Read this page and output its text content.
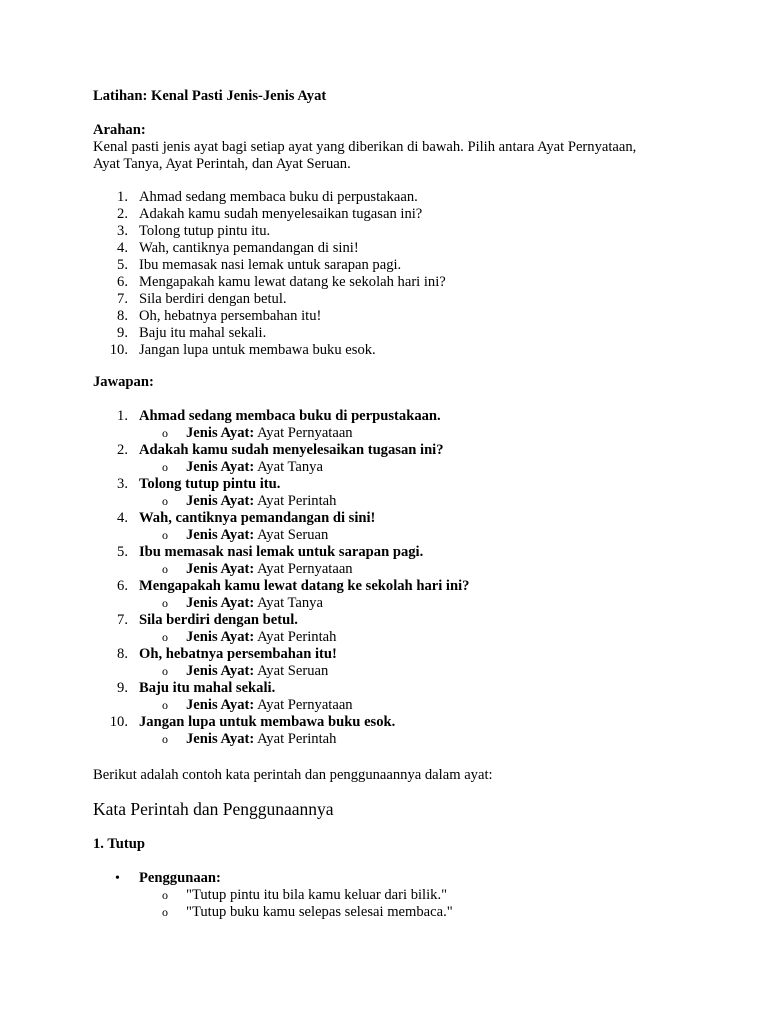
Latihan: Kenal Pasti Jenis-Jenis Ayat
Arahan:
Kenal pasti jenis ayat bagi setiap ayat yang diberikan di bawah. Pilih antara Ayat Pernyataan,
Ayat Tanya, Ayat Perintah, dan Ayat Seruan.
1. Ahmad sedang membaca buku di perpustakaan.
2. Adakah kamu sudah menyelesaikan tugasan ini?
3. Tolong tutup pintu itu.
4. Wah, cantiknya pemandangan di sini!
5. Ibu memasak nasi lemak untuk sarapan pagi.
6. Mengapakah kamu lewat datang ke sekolah hari ini?
7. Sila berdiri dengan betul.
8. Oh, hebatnya persembahan itu!
9. Baju itu mahal sekali.
10. Jangan lupa untuk membawa buku esok.
Jawapan:
1. Ahmad sedang membaca buku di perpustakaan.
o Jenis Ayat: Ayat Pernyataan
2. Adakah kamu sudah menyelesaikan tugasan ini?
o Jenis Ayat: Ayat Tanya
3. Tolong tutup pintu itu.
o Jenis Ayat: Ayat Perintah
4. Wah, cantiknya pemandangan di sini!
o Jenis Ayat: Ayat Seruan
5. Ibu memasak nasi lemak untuk sarapan pagi.
o Jenis Ayat: Ayat Pernyataan
6. Mengapakah kamu lewat datang ke sekolah hari ini?
o Jenis Ayat: Ayat Tanya
7. Sila berdiri dengan betul.
o Jenis Ayat: Ayat Perintah
8. Oh, hebatnya persembahan itu!
o Jenis Ayat: Ayat Seruan
9. Baju itu mahal sekali.
o Jenis Ayat: Ayat Pernyataan
10. Jangan lupa untuk membawa buku esok.
o Jenis Ayat: Ayat Perintah
Berikut adalah contoh kata perintah dan penggunaannya dalam ayat:
Kata Perintah dan Penggunaannya
1. Tutup
• Penggunaan:
o "Tutup pintu itu bila kamu keluar dari bilik."
o "Tutup buku kamu selepas selesai membaca."
